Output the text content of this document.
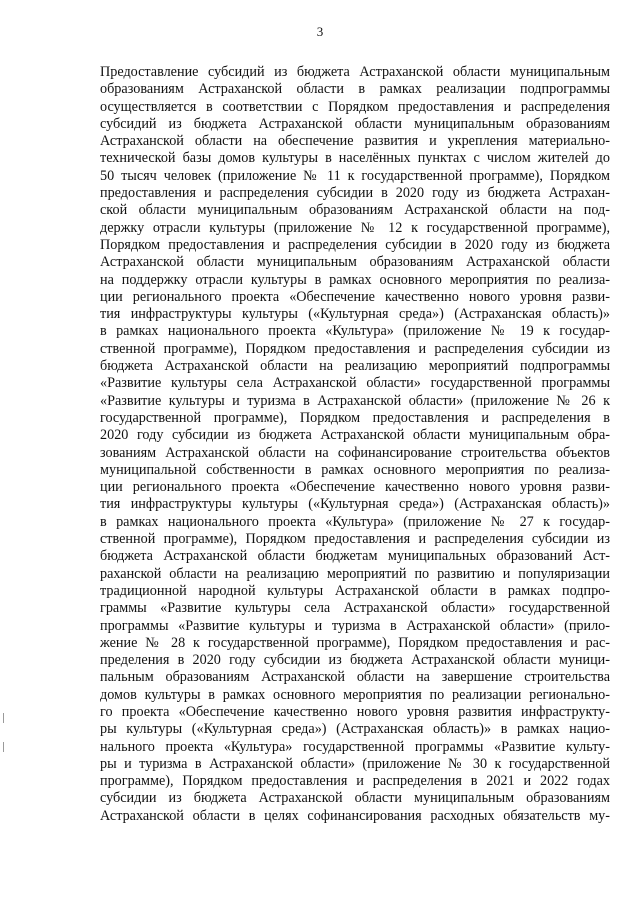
3
Предоставление субсидий из бюджета Астраханской области муниципальным
образованиям Астраханской области в рамках реализации подпрограммы
осуществляется в соответствии с Порядком предоставления и распределения
субсидий из бюджета Астраханской области муниципальным образованиям
Астраханской области на обеспечение развития и укрепления материально-
технической базы домов культуры в населённых пунктах с числом жителей до
50 тысяч человек (приложение № 11 к государственной программе), Порядком
предоставления и распределения субсидии в 2020 году из бюджета Астрахан-
ской области муниципальным образованиям Астраханской области на под-
держку отрасли культуры (приложение № 12 к государственной программе),
Порядком предоставления и распределения субсидии в 2020 году из бюджета
Астраханской области муниципальным образованиям Астраханской области
на поддержку отрасли культуры в рамках основного мероприятия по реализа-
ции регионального проекта «Обеспечение качественно нового уровня разви-
тия инфраструктуры культуры («Культурная среда») (Астраханская область)»
в рамках национального проекта «Культура» (приложение № 19 к государ-
ственной программе), Порядком предоставления и распределения субсидии из
бюджета Астраханской области на реализацию мероприятий подпрограммы
«Развитие культуры села Астраханской области» государственной программы
«Развитие культуры и туризма в Астраханской области» (приложение № 26 к
государственной программе), Порядком предоставления и распределения в
2020 году субсидии из бюджета Астраханской области муниципальным обра-
зованиям Астраханской области на софинансирование строительства объектов
муниципальной собственности в рамках основного мероприятия по реализа-
ции регионального проекта «Обеспечение качественно нового уровня разви-
тия инфраструктуры культуры («Культурная среда») (Астраханская область)»
в рамках национального проекта «Культура» (приложение № 27 к государ-
ственной программе), Порядком предоставления и распределения субсидии из
бюджета Астраханской области бюджетам муниципальных образований Аст-
раханской области на реализацию мероприятий по развитию и популяризации
традиционной народной культуры Астраханской области в рамках подпро-
граммы «Развитие культуры села Астраханской области» государственной
программы «Развитие культуры и туризма в Астраханской области» (прило-
жение № 28 к государственной программе), Порядком предоставления и рас-
пределения в 2020 году субсидии из бюджета Астраханской области муници-
пальным образованиям Астраханской области на завершение строительства
домов культуры в рамках основного мероприятия по реализации регионально-
го проекта «Обеспечение качественно нового уровня развития инфраструкту-
ры культуры («Культурная среда») (Астраханская область)» в рамках нацио-
нального проекта «Культура» государственной программы «Развитие культу-
ры и туризма в Астраханской области» (приложение № 30 к государственной
программе), Порядком предоставления и распределения в 2021 и 2022 годах
субсидии из бюджета Астраханской области муниципальным образованиям
Астраханской области в целях софинансирования расходных обязательств му-
